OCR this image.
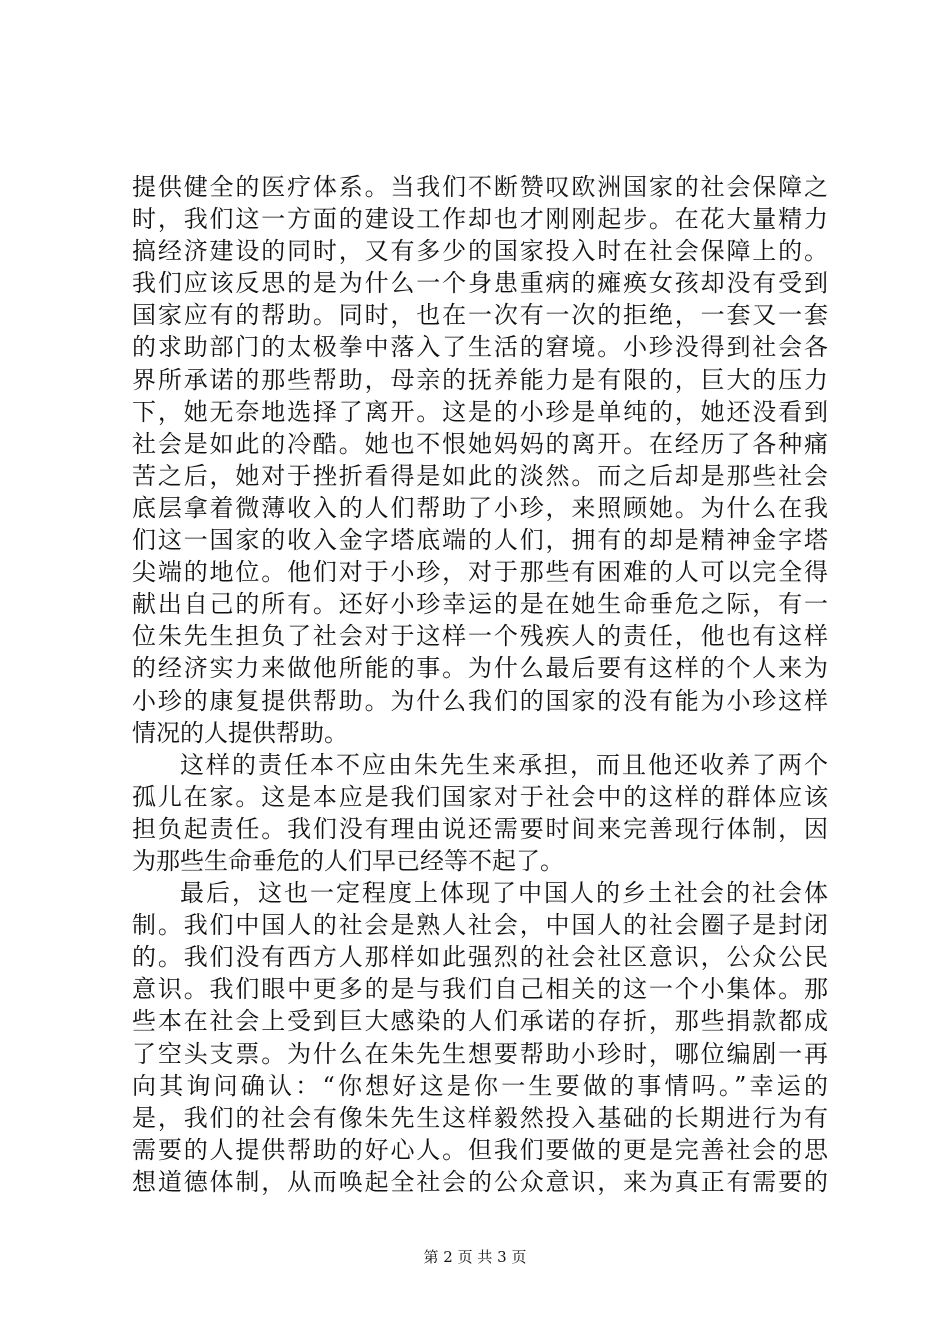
提供健全的医疗体系。当我们不断赞叹欧洲国家的社会保障之
时，我们这一方面的建设工作却也才刚刚起步。在花大量精力
搞经济建设的同时，又有多少的国家投入时在社会保障上的。
我们应该反思的是为什么一个身患重病的瘫痪女孩却没有受到
国家应有的帮助。同时，也在一次有一次的拒绝，一套又一套
的求助部门的太极拳中落入了生活的窘境。小珍没得到社会各
界所承诺的那些帮助，母亲的抚养能力是有限的，巨大的压力
下，她无奈地选择了离开。这是的小珍是单纯的，她还没看到
社会是如此的冷酷。她也不恨她妈妈的离开。在经历了各种痛
苦之后，她对于挫折看得是如此的淡然。而之后却是那些社会
底层拿着微薄收入的人们帮助了小珍，来照顾她。为什么在我
们这一国家的收入金字塔底端的人们，拥有的却是精神金字塔
尖端的地位。他们对于小珍，对于那些有困难的人可以完全得
献出自己的所有。还好小珍幸运的是在她生命垂危之际，有一
位朱先生担负了社会对于这样一个残疾人的责任，他也有这样
的经济实力来做他所能的事。为什么最后要有这样的个人来为
小珍的康复提供帮助。为什么我们的国家的没有能为小珍这样
情况的人提供帮助。
这样的责任本不应由朱先生来承担，而且他还收养了两个
孤儿在家。这是本应是我们国家对于社会中的这样的群体应该
担负起责任。我们没有理由说还需要时间来完善现行体制，因
为那些生命垂危的人们早已经等不起了。
最后，这也一定程度上体现了中国人的乡土社会的社会体
制。我们中国人的社会是熟人社会，中国人的社会圈子是封闭
的。我们没有西方人那样如此强烈的社会社区意识，公众公民
意识。我们眼中更多的是与我们自己相关的这一个小集体。那
些本在社会上受到巨大感染的人们承诺的存折，那些捐款都成
了空头支票。为什么在朱先生想要帮助小珍时，哪位编剧一再
向其询问确认：“你想好这是你一生要做的事情吗。”幸运的
是，我们的社会有像朱先生这样毅然投入基础的长期进行为有
需要的人提供帮助的好心人。但我们要做的更是完善社会的思
想道德体制，从而唤起全社会的公众意识，来为真正有需要的
第 2 页 共 3 页
